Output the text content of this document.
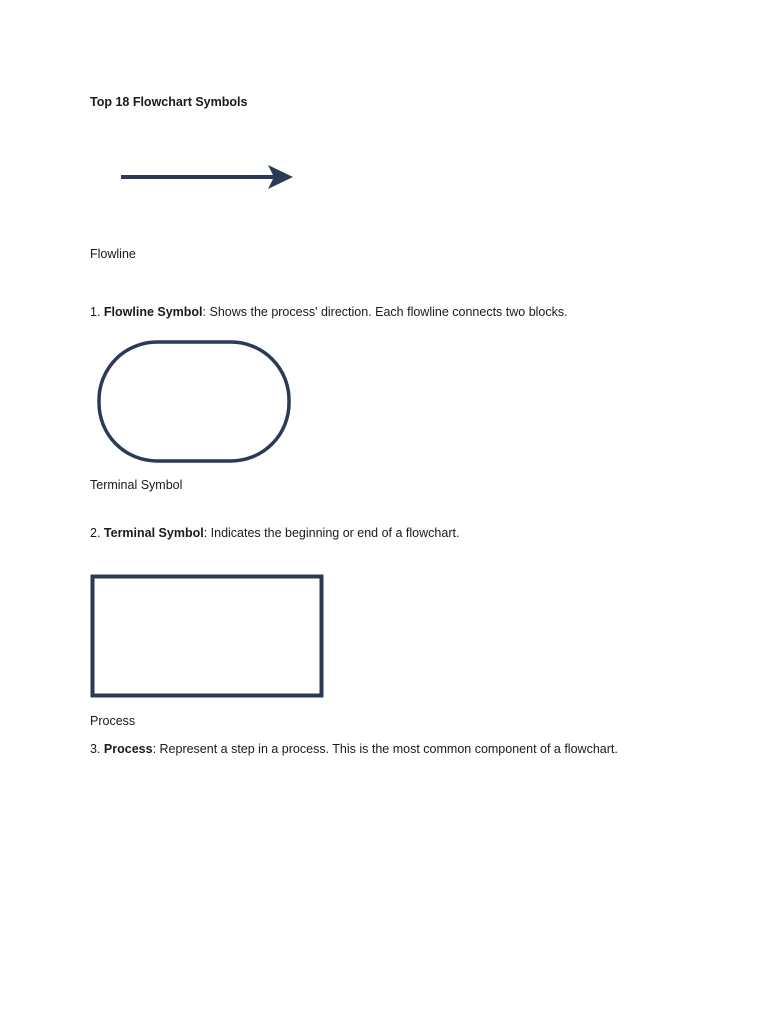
Top 18 Flowchart Symbols
Flowline
1. Flowline Symbol: Shows the process' direction. Each flowline connects two blocks.
Terminal Symbol
2. Terminal Symbol: Indicates the beginning or end of a flowchart.
Process
3. Process: Represent a step in a process. This is the most common component of a flowchart.
